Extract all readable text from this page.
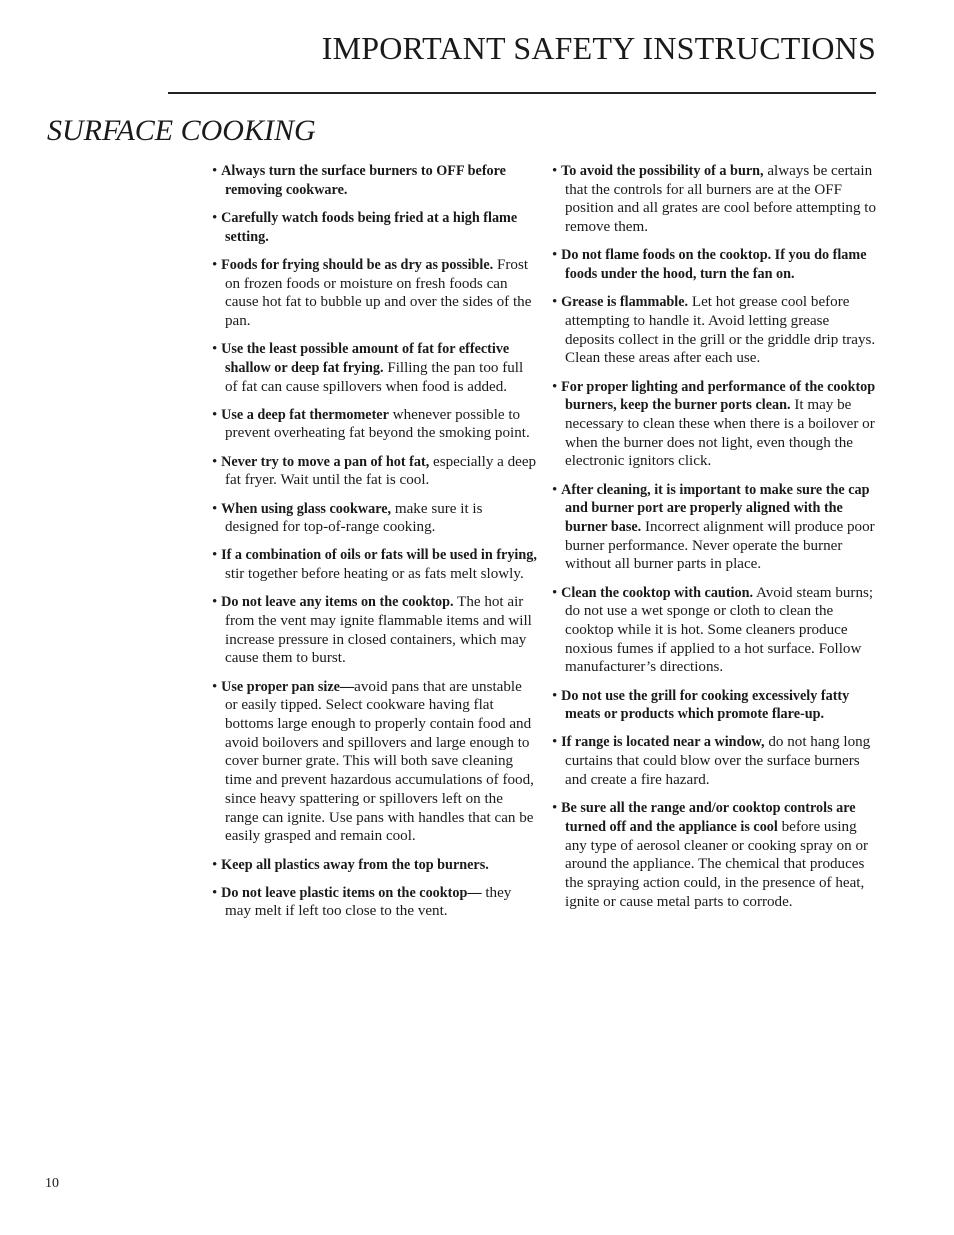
IMPORTANT SAFETY INSTRUCTIONS
SURFACE COOKING

• Always turn the surface burners to OFF before removing cookware.

• Carefully watch foods being fried at a high flame setting.

• Foods for frying should be as dry as possible. Frost on frozen foods or moisture on fresh foods can cause hot fat to bubble up and over the sides of the pan.

• Use the least possible amount of fat for effective shallow or deep fat frying. Filling the pan too full of fat can cause spillovers when food is added.

• Use a deep fat thermometer whenever possible to prevent overheating fat beyond the smoking point.

• Never try to move a pan of hot fat, especially a deep fat fryer. Wait until the fat is cool.

• When using glass cookware, make sure it is designed for top-of-range cooking.

• If a combination of oils or fats will be used in frying, stir together before heating or as fats melt slowly.

• Do not leave any items on the cooktop. The hot air from the vent may ignite flammable items and will increase pressure in closed containers, which may cause them to burst.

• Use proper pan size—avoid pans that are unstable or easily tipped. Select cookware having flat bottoms large enough to properly contain food and avoid boilovers and spillovers and large enough to cover burner grate. This will both save cleaning time and prevent hazardous accumulations of food, since heavy spattering or spillovers left on the range can ignite. Use pans with handles that can be easily grasped and remain cool.

• Keep all plastics away from the top burners.

• Do not leave plastic items on the cooktop— they may melt if left too close to the vent.

• To avoid the possibility of a burn, always be certain that the controls for all burners are at the OFF position and all grates are cool before attempting to remove them.

• Do not flame foods on the cooktop. If you do flame foods under the hood, turn the fan on.

• Grease is flammable. Let hot grease cool before attempting to handle it. Avoid letting grease deposits collect in the grill or the griddle drip trays. Clean these areas after each use.

• For proper lighting and performance of the cooktop burners, keep the burner ports clean. It may be necessary to clean these when there is a boilover or when the burner does not light, even though the electronic ignitors click.

• After cleaning, it is important to make sure the cap and burner port are properly aligned with the burner base. Incorrect alignment will produce poor burner performance. Never operate the burner without all burner parts in place.

• Clean the cooktop with caution. Avoid steam burns; do not use a wet sponge or cloth to clean the cooktop while it is hot. Some cleaners produce noxious fumes if applied to a hot surface. Follow manufacturer’s directions.

• Do not use the grill for cooking excessively fatty meats or products which promote flare-up.

• If range is located near a window, do not hang long curtains that could blow over the surface burners and create a fire hazard.

• Be sure all the range and/or cooktop controls are turned off and the appliance is cool before using any type of aerosol cleaner or cooking spray on or around the appliance. The chemical that produces the spraying action could, in the presence of heat, ignite or cause metal parts to corrode.

10
